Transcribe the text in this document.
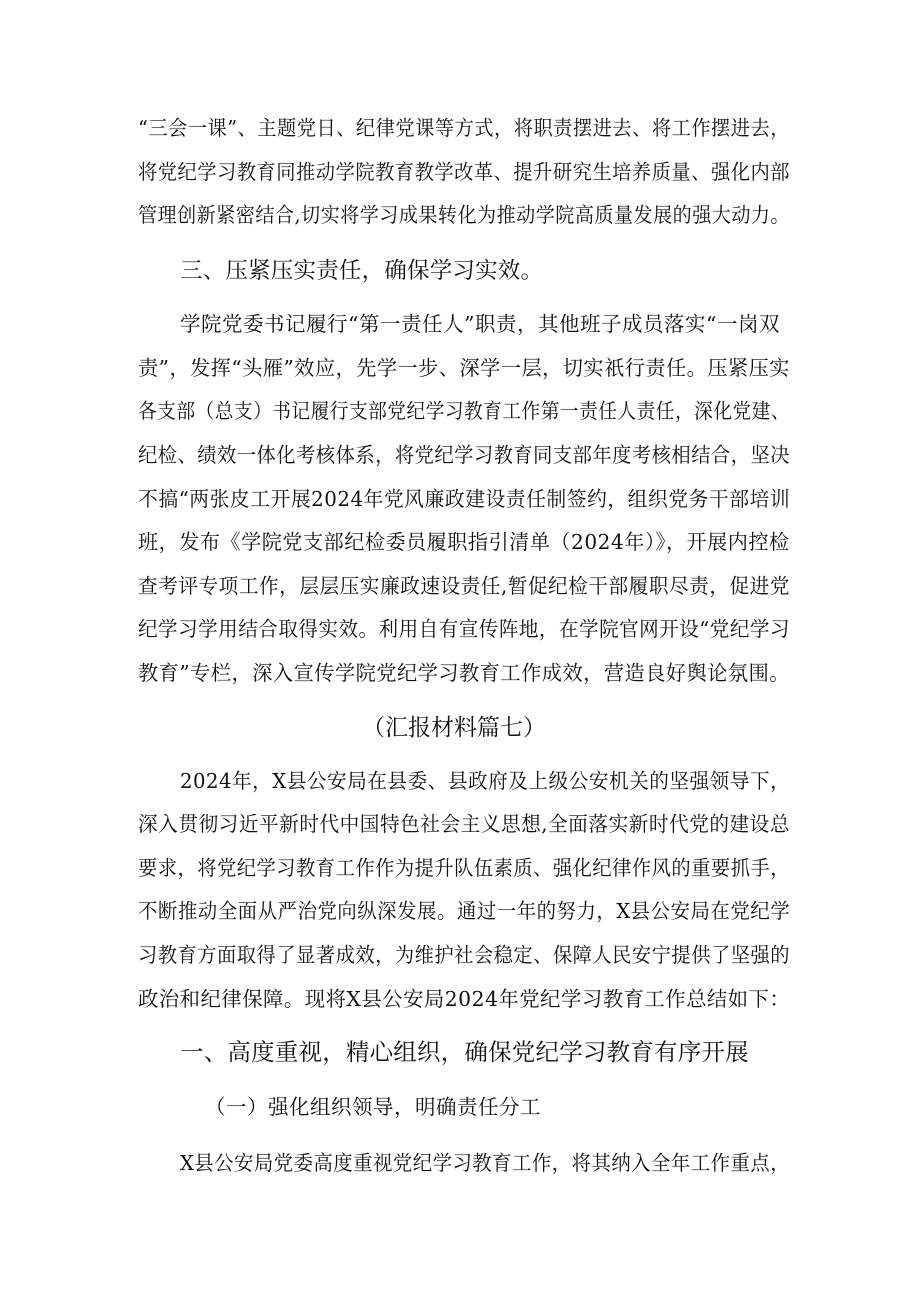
“三会一课”、主题党日、纪律党课等方式，将职责摆进去、将工作摆进去，
将党纪学习教育同推动学院教育教学改革、提升研究生培养质量、强化内部
管理创新紧密结合,切实将学习成果转化为推动学院高质量发展的强大动力。
三、压紧压实责任，确保学习实效。
学院党委书记履行“第一责任人”职责，其他班子成员落实“一岗双
责”，发挥“头雁”效应，先学一步、深学一层，切实祇行责任。压紧压实
各支部（总支）书记履行支部党纪学习教育工作第一责任人责任，深化党建、
纪检、绩效一体化考核体系，将党纪学习教育同支部年度考核相结合，坚决
不搞“两张皮工开展2024年党风廉政建设责任制签约，组织党务干部培训
班，发布《学院党支部纪检委员履职指引清单（2024年）》，开展内控检
查考评专项工作，层层压实廉政速设责任,暂促纪检干部履职尽责，促进党
纪学习学用结合取得实效。利用自有宣传阵地，在学院官网开设“党纪学习
教育”专栏，深入宣传学院党纪学习教育工作成效，营造良好舆论氛围。
（汇报材料篇七）
2024年，X县公安局在县委、县政府及上级公安机关的坚强领导下，
深入贯彻习近平新时代中国特色社会主义思想,全面落实新时代党的建设总
要求，将党纪学习教育工作作为提升队伍素质、强化纪律作风的重要抓手，
不断推动全面从严治党向纵深发展。通过一年的努力，X县公安局在党纪学
习教育方面取得了显著成效，为维护社会稳定、保障人民安宁提供了坚强的
政治和纪律保障。现将X县公安局2024年党纪学习教育工作总结如下：
一、高度重视，精心组织，确保党纪学习教育有序开展
（一）强化组织领导，明确责任分工
X县公安局党委高度重视党纪学习教育工作，将其纳入全年工作重点，
